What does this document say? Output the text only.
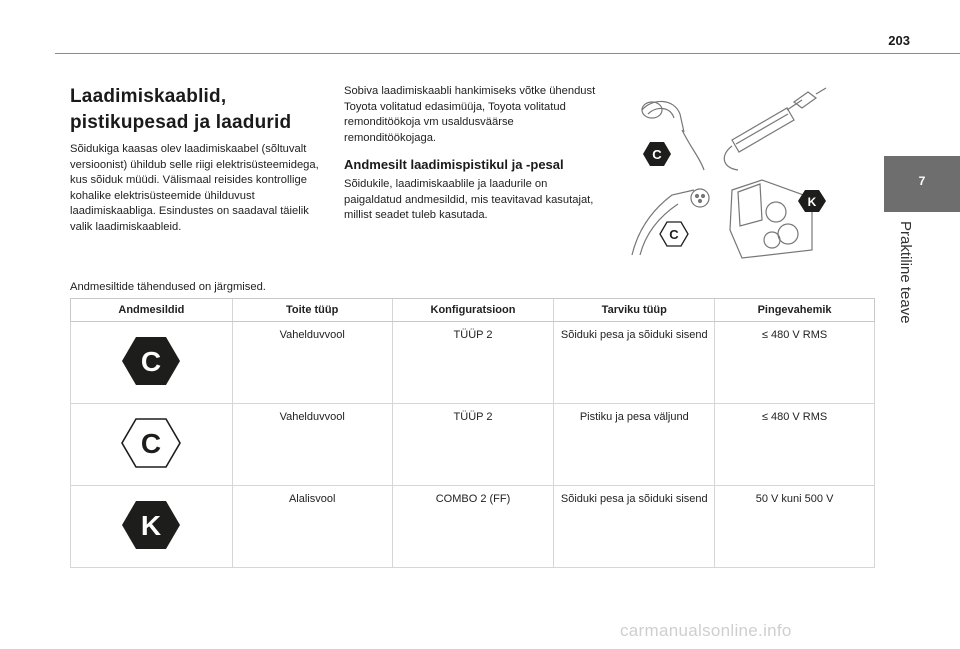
203
7
Praktiline teave
Laadimiskaablid,
pistikupesad ja laadurid

Sõidukiga kaasas olev laadimiskaabel (sõltuvalt versioonist) ühildub selle riigi elektrisüsteemidega, kus sõiduk müüdi. Välismaal reisides kontrollige kohalike elektrisüsteemide ühilduvust laadimiskaabliga. Esindustes on saadaval täielik valik laadimiskaableid.

Sobiva laadimiskaabli hankimiseks võtke ühendust Toyota volitatud edasimüüja, Toyota volitatud remonditöökoja vm usaldusväärse remonditöökojaga.

Andmesilt laadimispistikul ja -pesal

Sõidukile, laadimiskaablile ja laadurile on paigaldatud andmesildid, mis teavitavad kasutajat, millist seadet tuleb kasutada.

C
C
K
Andmesiltide tähendused on järgmised.
Andmesildid	Toite tüüp	Konfiguratsioon	Tarviku tüüp	Pingevahemik

C	Vahelduvvool	TÜÜP 2	Sõiduki pesa ja sõiduki sisend	≤ 480 V RMS

C	Vahelduvvool	TÜÜP 2	Pistiku ja pesa väljund	≤ 480 V RMS

K	Alalisvool	COMBO 2 (FF)	Sõiduki pesa ja sõiduki sisend	50 V kuni 500 V
carmanualsonline.info
